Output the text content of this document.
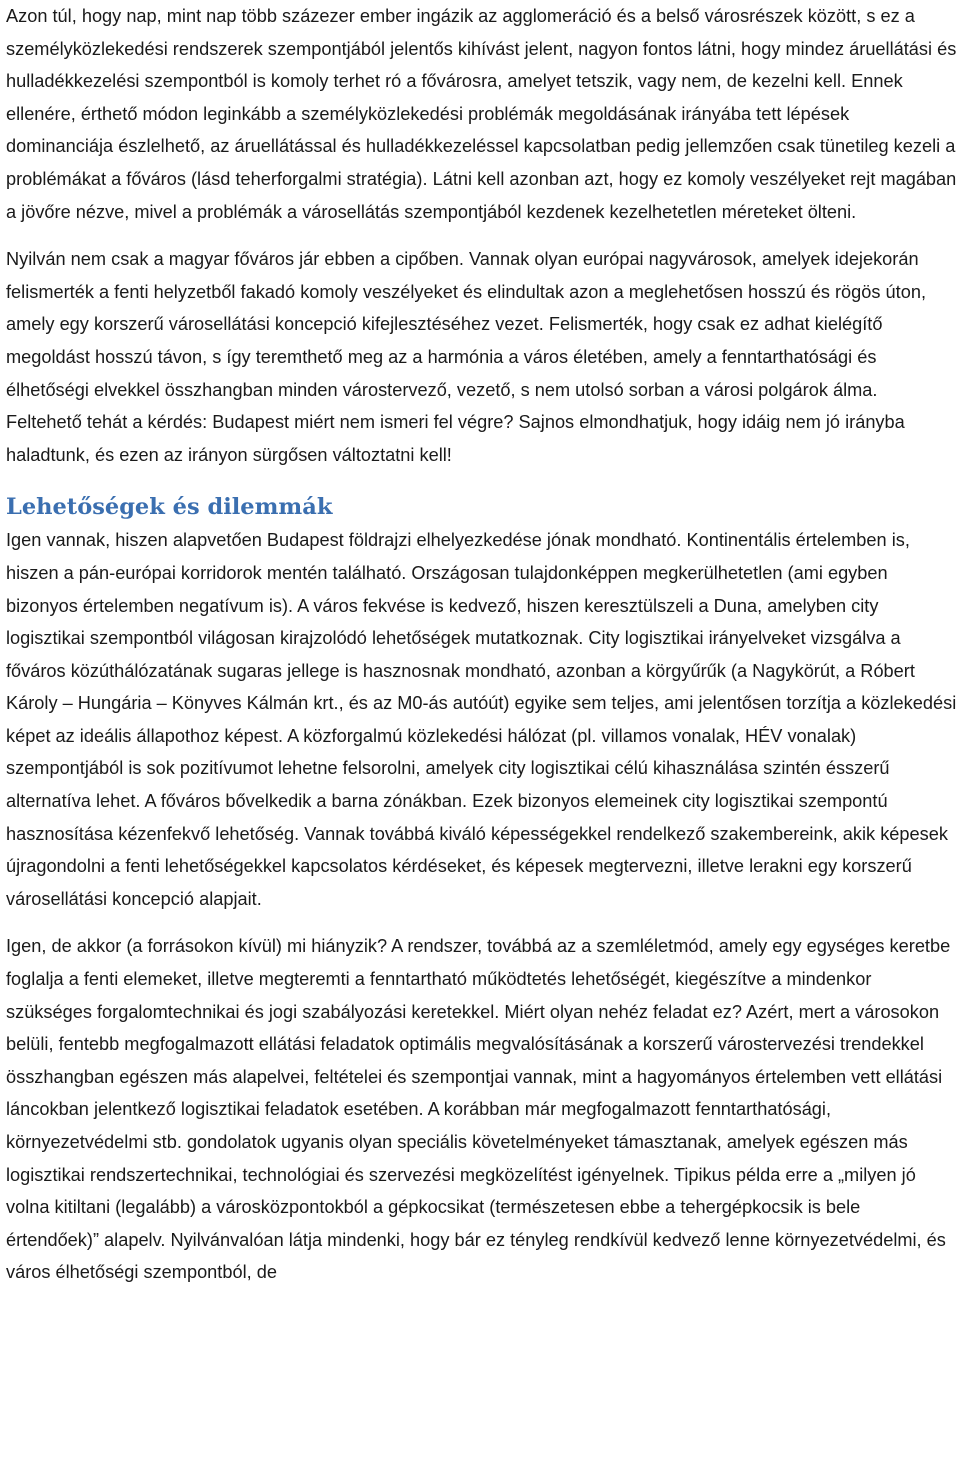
Azon túl, hogy nap, mint nap több százezer ember ingázik az agglomeráció és a belső városrészek között, s ez a személyközlekedési rendszerek szempontjából jelentős kihívást jelent, nagyon fontos látni, hogy mindez áruellátási és hulladékkezelési szempontból is komoly terhet ró a fővárosra, amelyet tetszik, vagy nem, de kezelni kell. Ennek ellenére, érthető módon leginkább a személyközlekedési problémák megoldásának irányába tett lépések dominanciája észlelhető, az áruellátással és hulladékkezeléssel kapcsolatban pedig jellemzően csak tünetileg kezeli a problémákat a főváros (lásd teherforgalmi stratégia). Látni kell azonban azt, hogy ez komoly veszélyeket rejt magában a jövőre nézve, mivel a problémák a városellátás szempontjából kezdenek kezelhetetlen méreteket ölteni.

Nyilván nem csak a magyar főváros jár ebben a cipőben. Vannak olyan európai nagyvárosok, amelyek idejekorán felismerték a fenti helyzetből fakadó komoly veszélyeket és elindultak azon a meglehetősen hosszú és rögös úton, amely egy korszerű városellátási koncepció kifejlesztéséhez vezet. Felismerték, hogy csak ez adhat kielégítő megoldást hosszú távon, s így teremthető meg az a harmónia a város életében, amely a fenntarthatósági és élhetőségi elvekkel összhangban minden várostervező, vezető, s nem utolsó sorban a városi polgárok álma. Feltehető tehát a kérdés: Budapest miért nem ismeri fel végre? Sajnos elmondhatjuk, hogy idáig nem jó irányba haladtunk, és ezen az irányon sürgősen változtatni kell!

Lehetőségek és dilemmák

Igen vannak, hiszen alapvetően Budapest földrajzi elhelyezkedése jónak mondható. Kontinentális értelemben is, hiszen a pán-európai korridorok mentén található. Országosan tulajdonképpen megkerülhetetlen (ami egyben bizonyos értelemben negatívum is). A város fekvése is kedvező, hiszen keresztülszeli a Duna, amelyben city logisztikai szempontból világosan kirajzolódó lehetőségek mutatkoznak. City logisztikai irányelveket vizsgálva a főváros közúthálózatának sugaras jellege is hasznosnak mondható, azonban a körgyűrűk (a Nagykörút, a Róbert Károly – Hungária – Könyves Kálmán krt., és az M0-ás autóút) egyike sem teljes, ami jelentősen torzítja a közlekedési képet az ideális állapothoz képest. A közforgalmú közlekedési hálózat (pl. villamos vonalak, HÉV vonalak) szempontjából is sok pozitívumot lehetne felsorolni, amelyek city logisztikai célú kihasználása szintén ésszerű alternatíva lehet. A főváros bővelkedik a barna zónákban. Ezek bizonyos elemeinek city logisztikai szempontú hasznosítása kézenfekvő lehetőség. Vannak továbbá kiváló képességekkel rendelkező szakembereink, akik képesek újragondolni a fenti lehetőségekkel kapcsolatos kérdéseket, és képesek megtervezni, illetve lerakni egy korszerű városellátási koncepció alapjait.

Igen, de akkor (a forrásokon kívül) mi hiányzik? A rendszer, továbbá az a szemléletmód, amely egy egységes keretbe foglalja a fenti elemeket, illetve megteremti a fenntartható működtetés lehetőségét, kiegészítve a mindenkor szükséges forgalomtechnikai és jogi szabályozási keretekkel. Miért olyan nehéz feladat ez? Azért, mert a városokon belüli, fentebb megfogalmazott ellátási feladatok optimális megvalósításának a korszerű várostervezési trendekkel összhangban egészen más alapelvei, feltételei és szempontjai vannak, mint a hagyományos értelemben vett ellátási láncokban jelentkező logisztikai feladatok esetében. A korábban már megfogalmazott fenntarthatósági, környezetvédelmi stb. gondolatok ugyanis olyan speciális követelményeket támasztanak, amelyek egészen más logisztikai rendszertechnikai, technológiai és szervezési megközelítést igényelnek. Tipikus példa erre a „milyen jó volna kitiltani (legalább) a városközpontokból a gépkocsikat (természetesen ebbe a tehergépkocsik is bele értendőek)” alapelv. Nyilvánvalóan látja mindenki, hogy bár ez tényleg rendkívül kedvező lenne környezetvédelmi, és város élhetőségi szempontból, de
